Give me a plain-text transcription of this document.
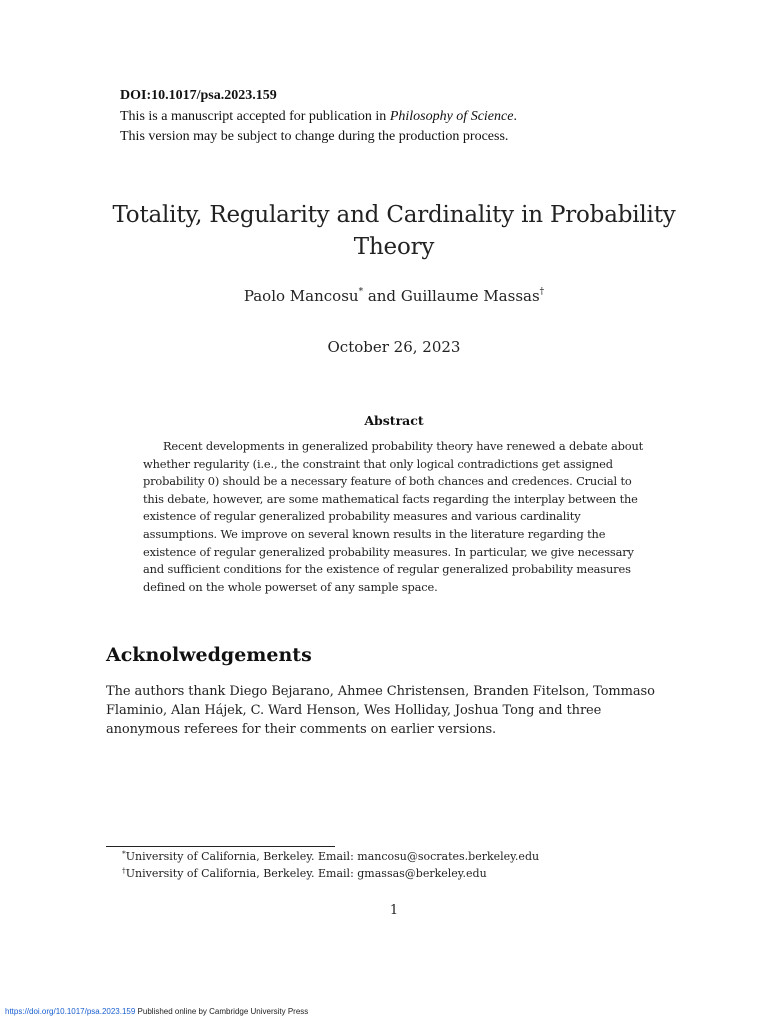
DOI:10.1017/psa.2023.159
This is a manuscript accepted for publication in Philosophy of Science.
This version may be subject to change during the production process.
Totality, Regularity and Cardinality in Probability Theory
Paolo Mancosu* and Guillaume Massas†
October 26, 2023
Abstract
Recent developments in generalized probability theory have renewed a debate about whether regularity (i.e., the constraint that only logical contradictions get assigned probability 0) should be a necessary feature of both chances and credences. Crucial to this debate, however, are some mathematical facts regarding the interplay between the existence of regular generalized probability measures and various cardinality assumptions. We improve on several known results in the literature regarding the existence of regular generalized probability measures. In particular, we give necessary and sufficient conditions for the existence of regular generalized probability measures defined on the whole powerset of any sample space.
Acknolwedgements
The authors thank Diego Bejarano, Ahmee Christensen, Branden Fitelson, Tommaso Flaminio, Alan Hájek, C. Ward Henson, Wes Holliday, Joshua Tong and three anonymous referees for their comments on earlier versions.
*University of California, Berkeley. Email: mancosu@socrates.berkeley.edu
†University of California, Berkeley. Email: gmassas@berkeley.edu
1
https://doi.org/10.1017/psa.2023.159 Published online by Cambridge University Press
